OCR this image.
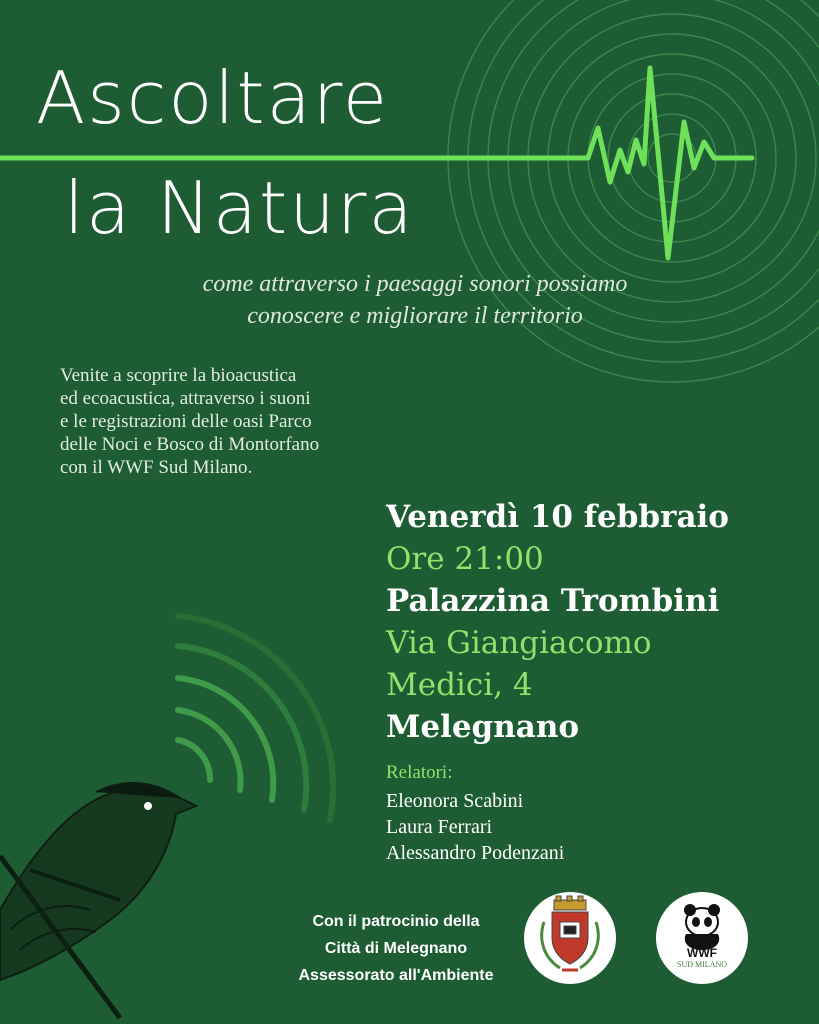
Ascoltare
la Natura
come attraverso i paesaggi sonori possiamo
conoscere e migliorare il territorio
Venite a scoprire la bioacustica
ed ecoacustica, attraverso i suoni
e le registrazioni delle oasi Parco
delle Noci e Bosco di Montorfano
con il WWF Sud Milano.
Venerdì 10 febbraio
Ore 21:00
Palazzina Trombini
Via Giangiacomo
Medici, 4
Melegnano
Relatori:
Eleonora Scabini
Laura Ferrari
Alessandro Podenzani
Con il patrocinio della
Città di Melegnano
Assessorato all'Ambiente
WWF
SUD MILANO
